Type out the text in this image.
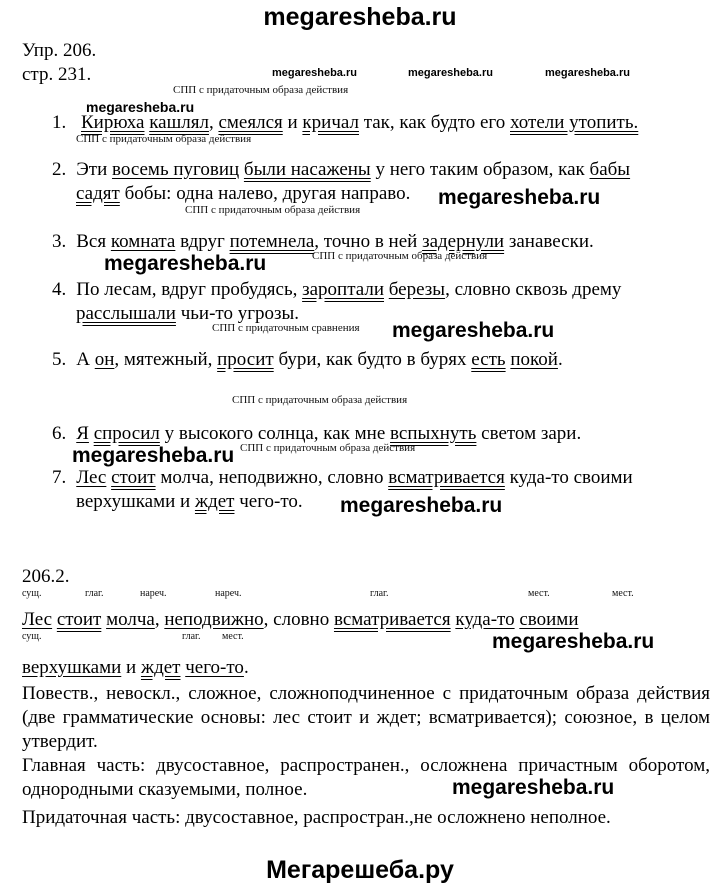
megaresheba.ru
Упр. 206.
стр. 231.	megaresheba.ru	megaresheba.ru	megaresheba.ru
СПП с придаточным образа действия
megaresheba.ru
1. Кирюха кашлял, смеялся и кричал так, как будто его хотели утопить.
СПП с придаточным образа действия
2. Эти восемь пуговиц были насажены у него таким образом, как бабы
садят бобы: одна налево, другая направо. megaresheba.ru
СПП с придаточным образа действия
3. Вся комната вдруг потемнела, точно в ней задернули занавески.
СПП с придаточным образа действия
megaresheba.ru
4. По лесам, вдруг пробудясь, зароптали березы, словно сквозь дрему
расслышали чьи-то угрозы.
СПП с придаточным сравнения megaresheba.ru
5. А он, мятежный, просит бури, как будто в бурях есть покой.
СПП с придаточным образа действия
6. Я спросил у высокого солнца, как мне вспыхнуть светом зари.
megaresheba.ru СПП с придаточным образа действия
7. Лес стоит молча, неподвижно, словно всматривается куда-то своими
верхушками и ждет чего-то. megaresheba.ru
206.2.
сущ.	глаг.	нареч.	нареч.	глаг.	мест.	мест.
Лес стоит молча, неподвижно, словно всматривается куда-то своими
сущ.	глаг. мест.	megaresheba.ru
верхушками и ждет чего-то.
Повеств., невоскл., сложное, сложноподчиненное с придаточным образа действия (две грамматические основы: лес стоит и ждет; всматривается); союзное, в целом утвердит.
Главная часть: двусоставное, распространен., осложнена причастным оборотом, однородными сказуемыми, полное.	megaresheba.ru
Придаточная часть: двусоставное, распростран.,не осложнено неполное.
Мегарешеба.ру
